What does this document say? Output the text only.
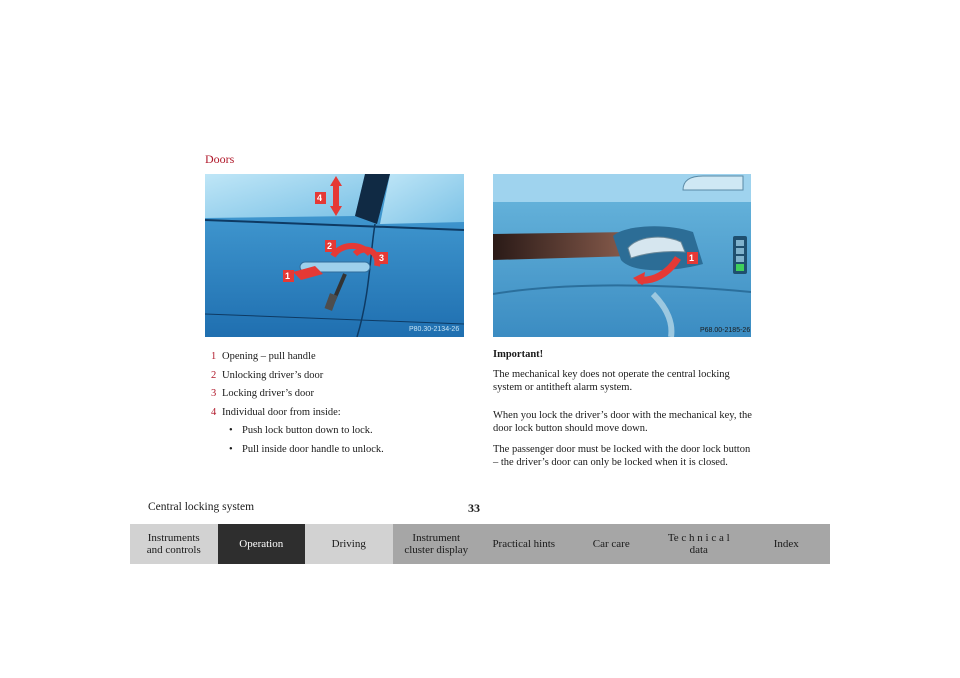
Doors
1
2
3
4
P80.30-2134-26
1
P68.00-2185-26
1 Opening – pull handle
2 Unlocking driver’s door
3 Locking driver’s door
4 Individual door from inside:
• Push lock button down to lock.
• Pull inside door handle to unlock.

Important!

The mechanical key does not operate the central locking system or antitheft alarm system.

When you lock the driver’s door with the mechanical key, the door lock button should move down.

The passenger door must be locked with the door lock button – the driver’s door can only be locked when it is closed.

Central locking system	33
Instruments
and controls	Operation	Driving	Instrument
cluster display Practical hints	Car care	Te c h n i c a l
data	Index
